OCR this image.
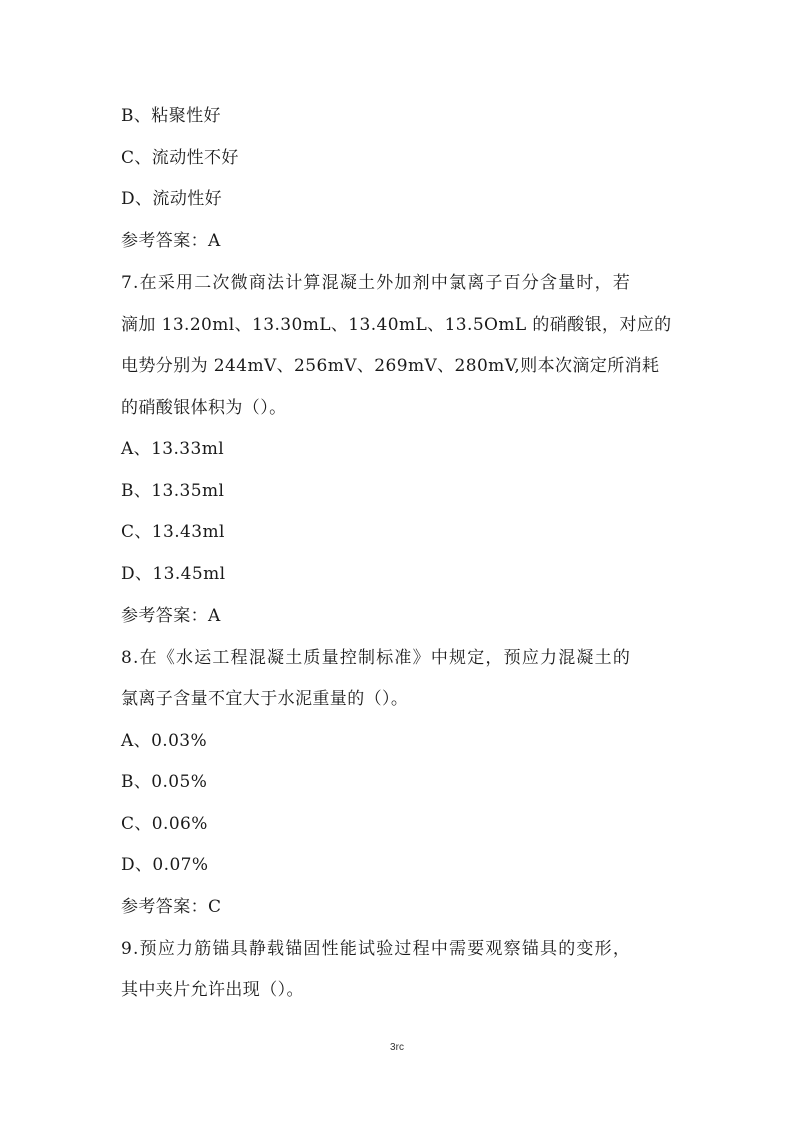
B、粘聚性好
C、流动性不好
D、流动性好
参考答案：A
7.在采用二次微商法计算混凝土外加剂中氯离子百分含量时，若
滴加 13.20ml、13.30mL、13.40mL、13.5OmL 的硝酸银，对应的
电势分别为 244mV、256mV、269mV、280mV,则本次滴定所消耗
的硝酸银体积为（）。
A、13.33ml
B、13.35ml
C、13.43ml
D、13.45ml
参考答案：A
8.在《水运工程混凝土质量控制标准》中规定，预应力混凝土的
氯离子含量不宜大于水泥重量的（）。
A、0.03%
B、0.05%
C、0.06%
D、0.07%
参考答案：C
9.预应力筋锚具静载锚固性能试验过程中需要观察锚具的变形，
其中夹片允许出现（）。
3rc
